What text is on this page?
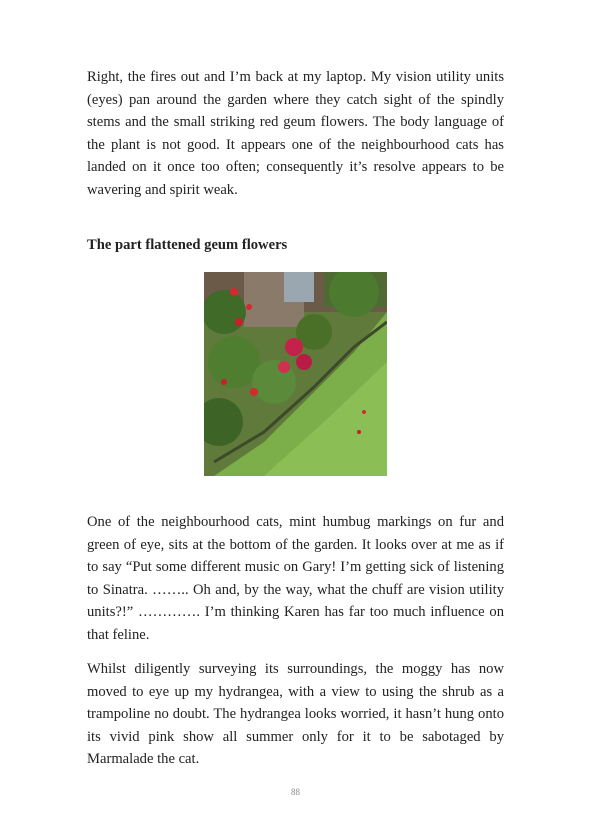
Right, the fires out and I’m back at my laptop. My vision utility units (eyes) pan around the garden where they catch sight of the spindly stems and the small striking red geum flowers. The body language of the plant is not good. It appears one of the neighbourhood cats has landed on it once too often; consequently it’s resolve appears to be wavering and spirit weak.

The part flattened geum flowers

One of the neighbourhood cats, mint humbug markings on fur and green of eye, sits at the bottom of the garden. It looks over at me as if to say “Put some different music on Gary! I’m getting sick of listening to Sinatra. …….. Oh and, by the way, what the chuff are vision utility units?!” …………. I’m thinking Karen has far too much influence on that feline.

Whilst diligently surveying its surroundings, the moggy has now moved to eye up my hydrangea, with a view to using the shrub as a trampoline no doubt. The hydrangea looks worried, it hasn’t hung onto its vivid pink show all summer only for it to be sabotaged by Marmalade the cat.

88
